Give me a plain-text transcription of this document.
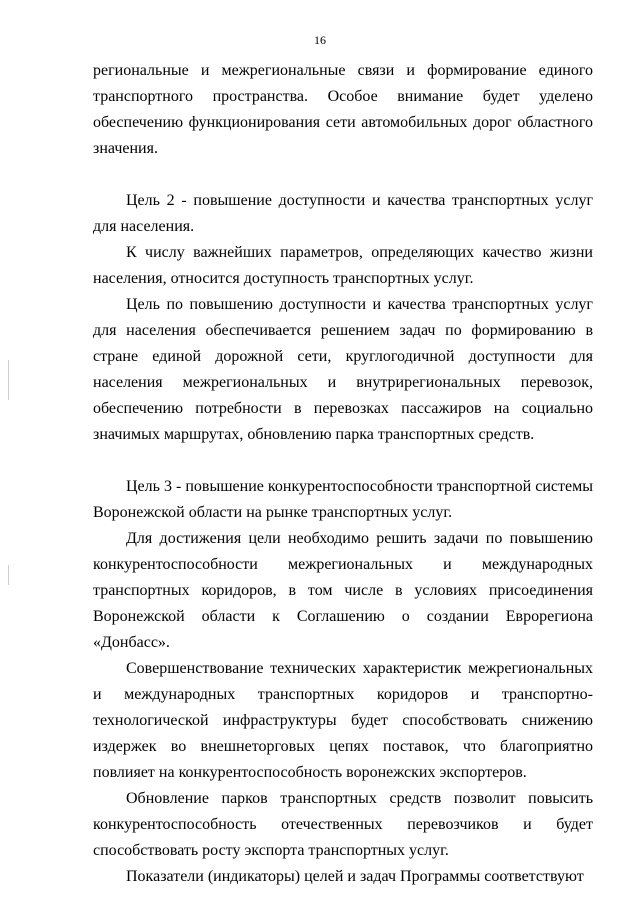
16

региональные и межрегиональные связи и формирование единого транспортного пространства. Особое внимание будет уделено обеспечению функционирования сети автомобильных дорог областного значения.

Цель 2 - повышение доступности и качества транспортных услуг для населения.

К числу важнейших параметров, определяющих качество жизни населения, относится доступность транспортных услуг.

Цель по повышению доступности и качества транспортных услуг для населения обеспечивается решением задач по формированию в стране единой дорожной сети, круглогодичной доступности для населения межрегиональных и внутрирегиональных перевозок, обеспечению потребности в перевозках пассажиров на социально значимых маршрутах, обновлению парка транспортных средств.

Цель 3 - повышение конкурентоспособности транспортной системы Воронежской области на рынке транспортных услуг.

Для достижения цели необходимо решить задачи по повышению конкурентоспособности межрегиональных и международных транспортных коридоров, в том числе в условиях присоединения Воронежской области к Соглашению о создании Еврорегиона «Донбасс».

Совершенствование технических характеристик межрегиональных и международных транспортных коридоров и транспортно-технологической инфраструктуры будет способствовать снижению издержек во внешнеторговых цепях поставок, что благоприятно повлияет на конкурентоспособность воронежских экспортеров.

Обновление парков транспортных средств позволит повысить конкурентоспособность отечественных перевозчиков и будет способствовать росту экспорта транспортных услуг.

Показатели (индикаторы) целей и задач Программы соответствуют
